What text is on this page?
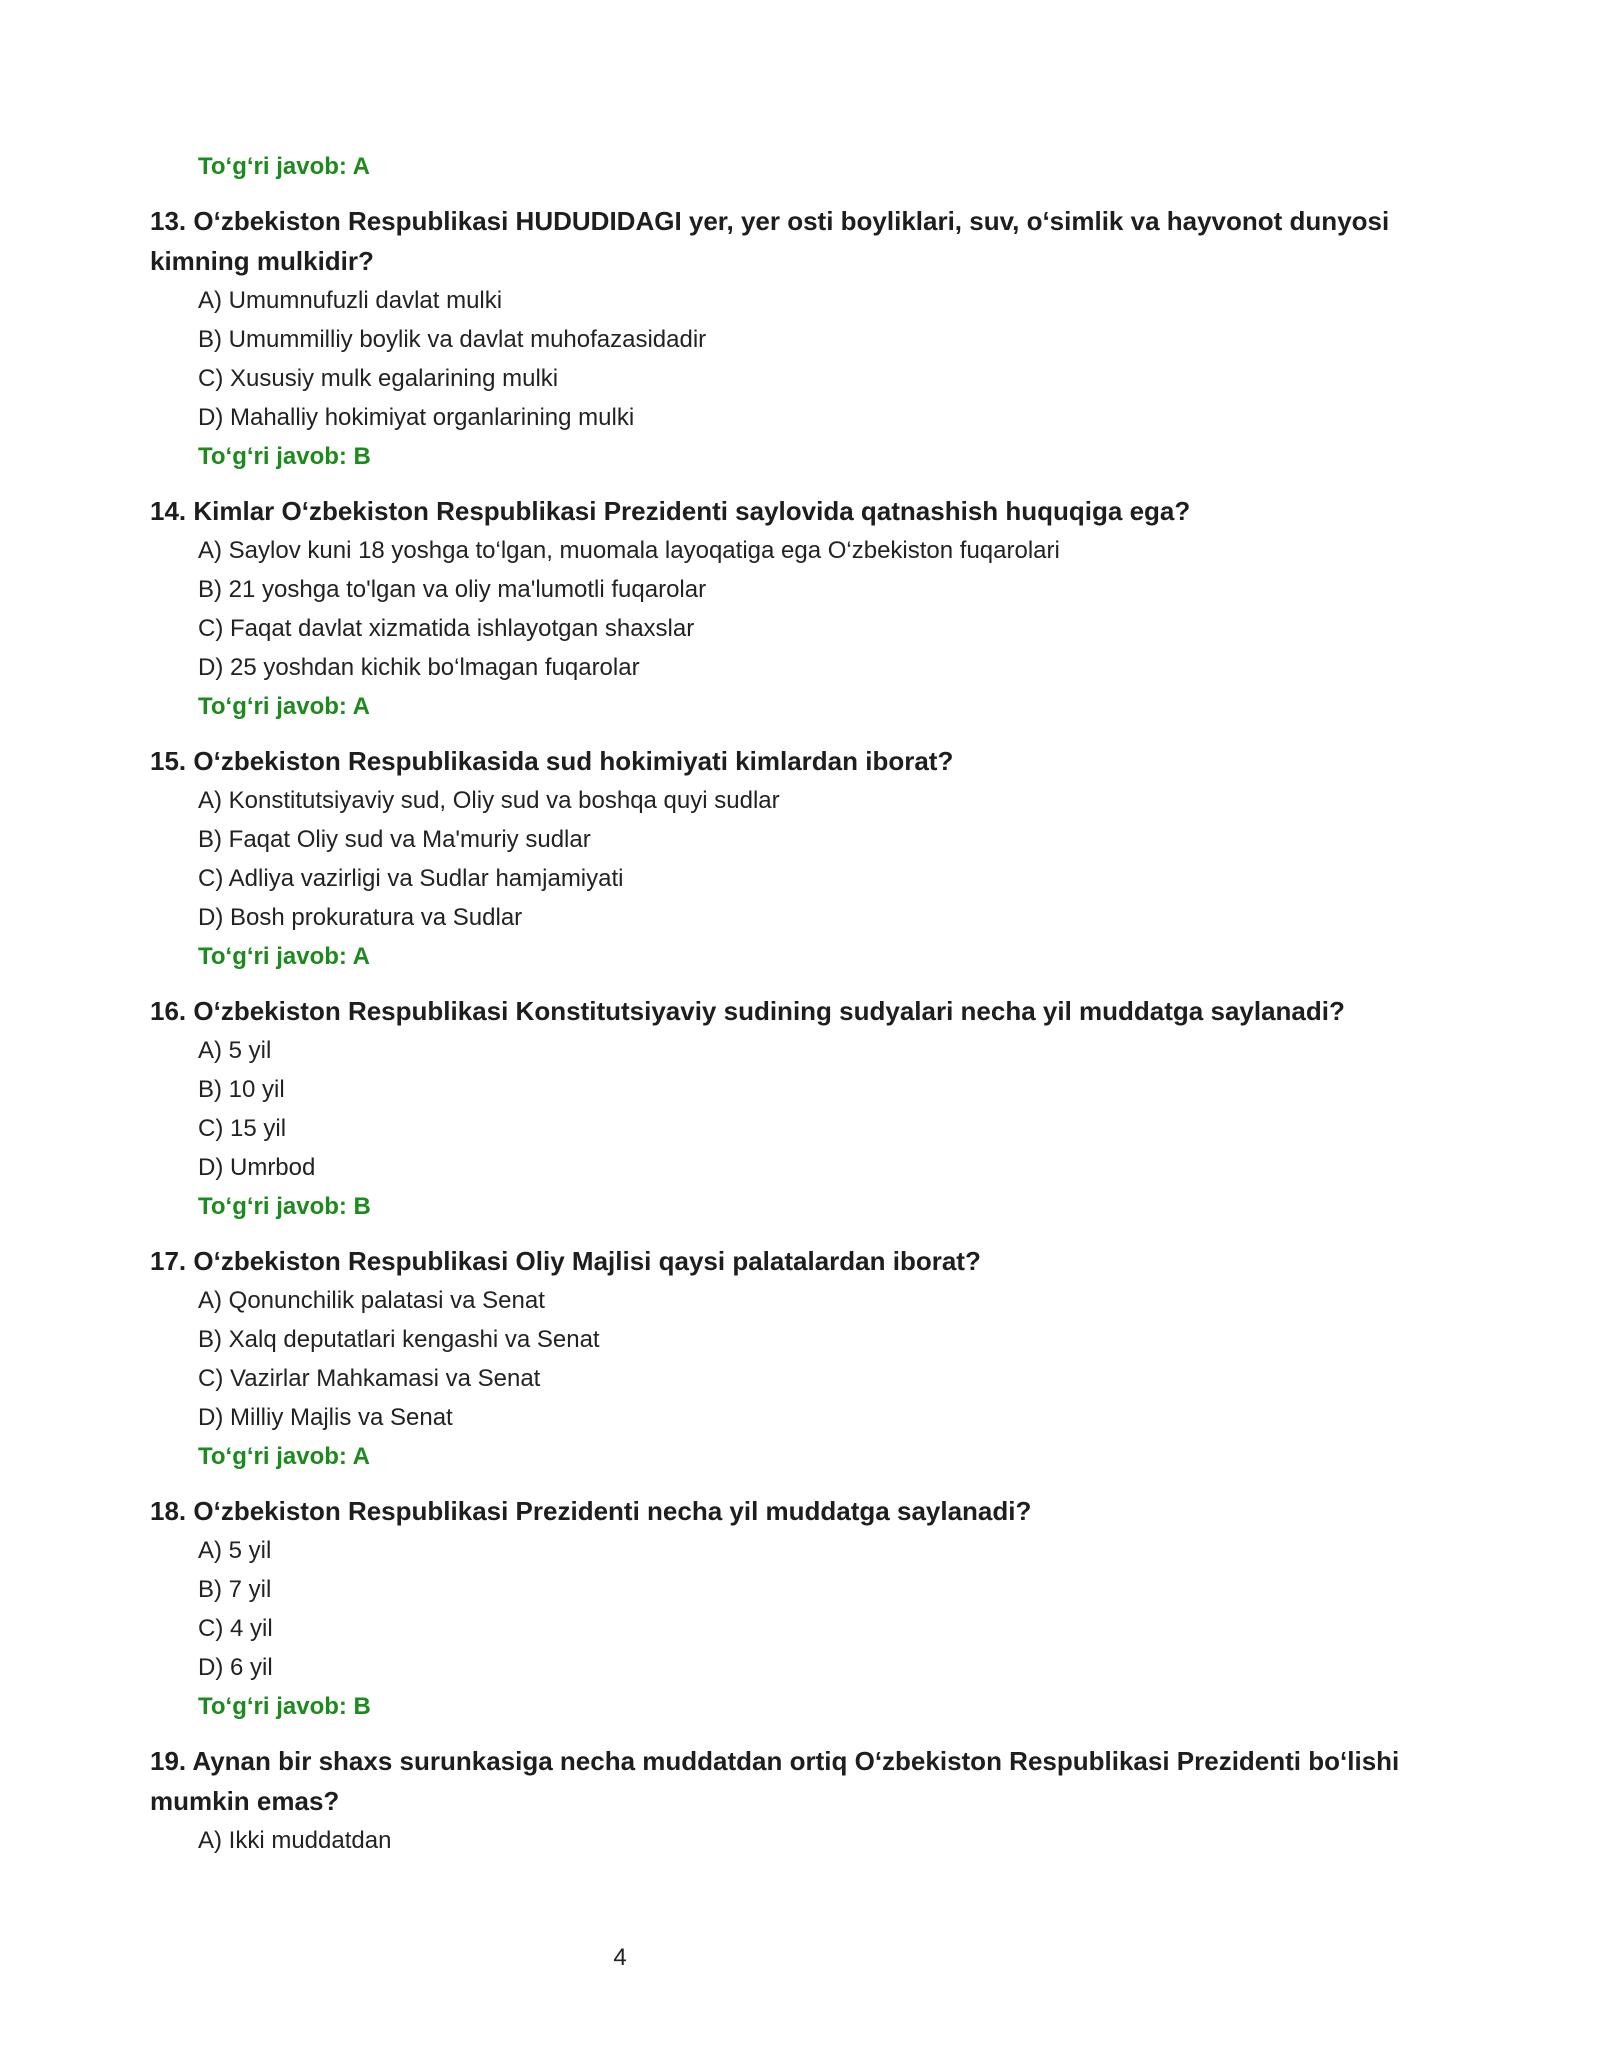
To‘g‘ri javob: A
13. O‘zbekiston Respublikasi HUDUDIDAGI yer, yer osti boyliklari, suv, o‘simlik va hayvonot dunyosi kimning mulkidir?
A) Umumnufuzli davlat mulki
B) Umummilliy boylik va davlat muhofazasidadir
C) Xususiy mulk egalarining mulki
D) Mahalliy hokimiyat organlarining mulki
To‘g‘ri javob: B
14. Kimlar O‘zbekiston Respublikasi Prezidenti saylovida qatnashish huquqiga ega?
A) Saylov kuni 18 yoshga to‘lgan, muomala layoqatiga ega O‘zbekiston fuqarolari
B) 21 yoshga to'lgan va oliy ma'lumotli fuqarolar
C) Faqat davlat xizmatida ishlayotgan shaxslar
D) 25 yoshdan kichik bo‘lmagan fuqarolar
To‘g‘ri javob: A
15. O‘zbekiston Respublikasida sud hokimiyati kimlardan iborat?
A) Konstitutsiyaviy sud, Oliy sud va boshqa quyi sudlar
B) Faqat Oliy sud va Ma'muriy sudlar
C) Adliya vazirligi va Sudlar hamjamiyati
D) Bosh prokuratura va Sudlar
To‘g‘ri javob: A
16. O‘zbekiston Respublikasi Konstitutsiyaviy sudining sudyalari necha yil muddatga saylanadi?
A) 5 yil
B) 10 yil
C) 15 yil
D) Umrbod
To‘g‘ri javob: B
17. O‘zbekiston Respublikasi Oliy Majlisi qaysi palatalardan iborat?
A) Qonunchilik palatasi va Senat
B) Xalq deputatlari kengashi va Senat
C) Vazirlar Mahkamasi va Senat
D) Milliy Majlis va Senat
To‘g‘ri javob: A
18. O‘zbekiston Respublikasi Prezidenti necha yil muddatga saylanadi?
A) 5 yil
B) 7 yil
C) 4 yil
D) 6 yil
To‘g‘ri javob: B
19. Aynan bir shaxs surunkasiga necha muddatdan ortiq O‘zbekiston Respublikasi Prezidenti bo‘lishi mumkin emas?
A) Ikki muddatdan
4
